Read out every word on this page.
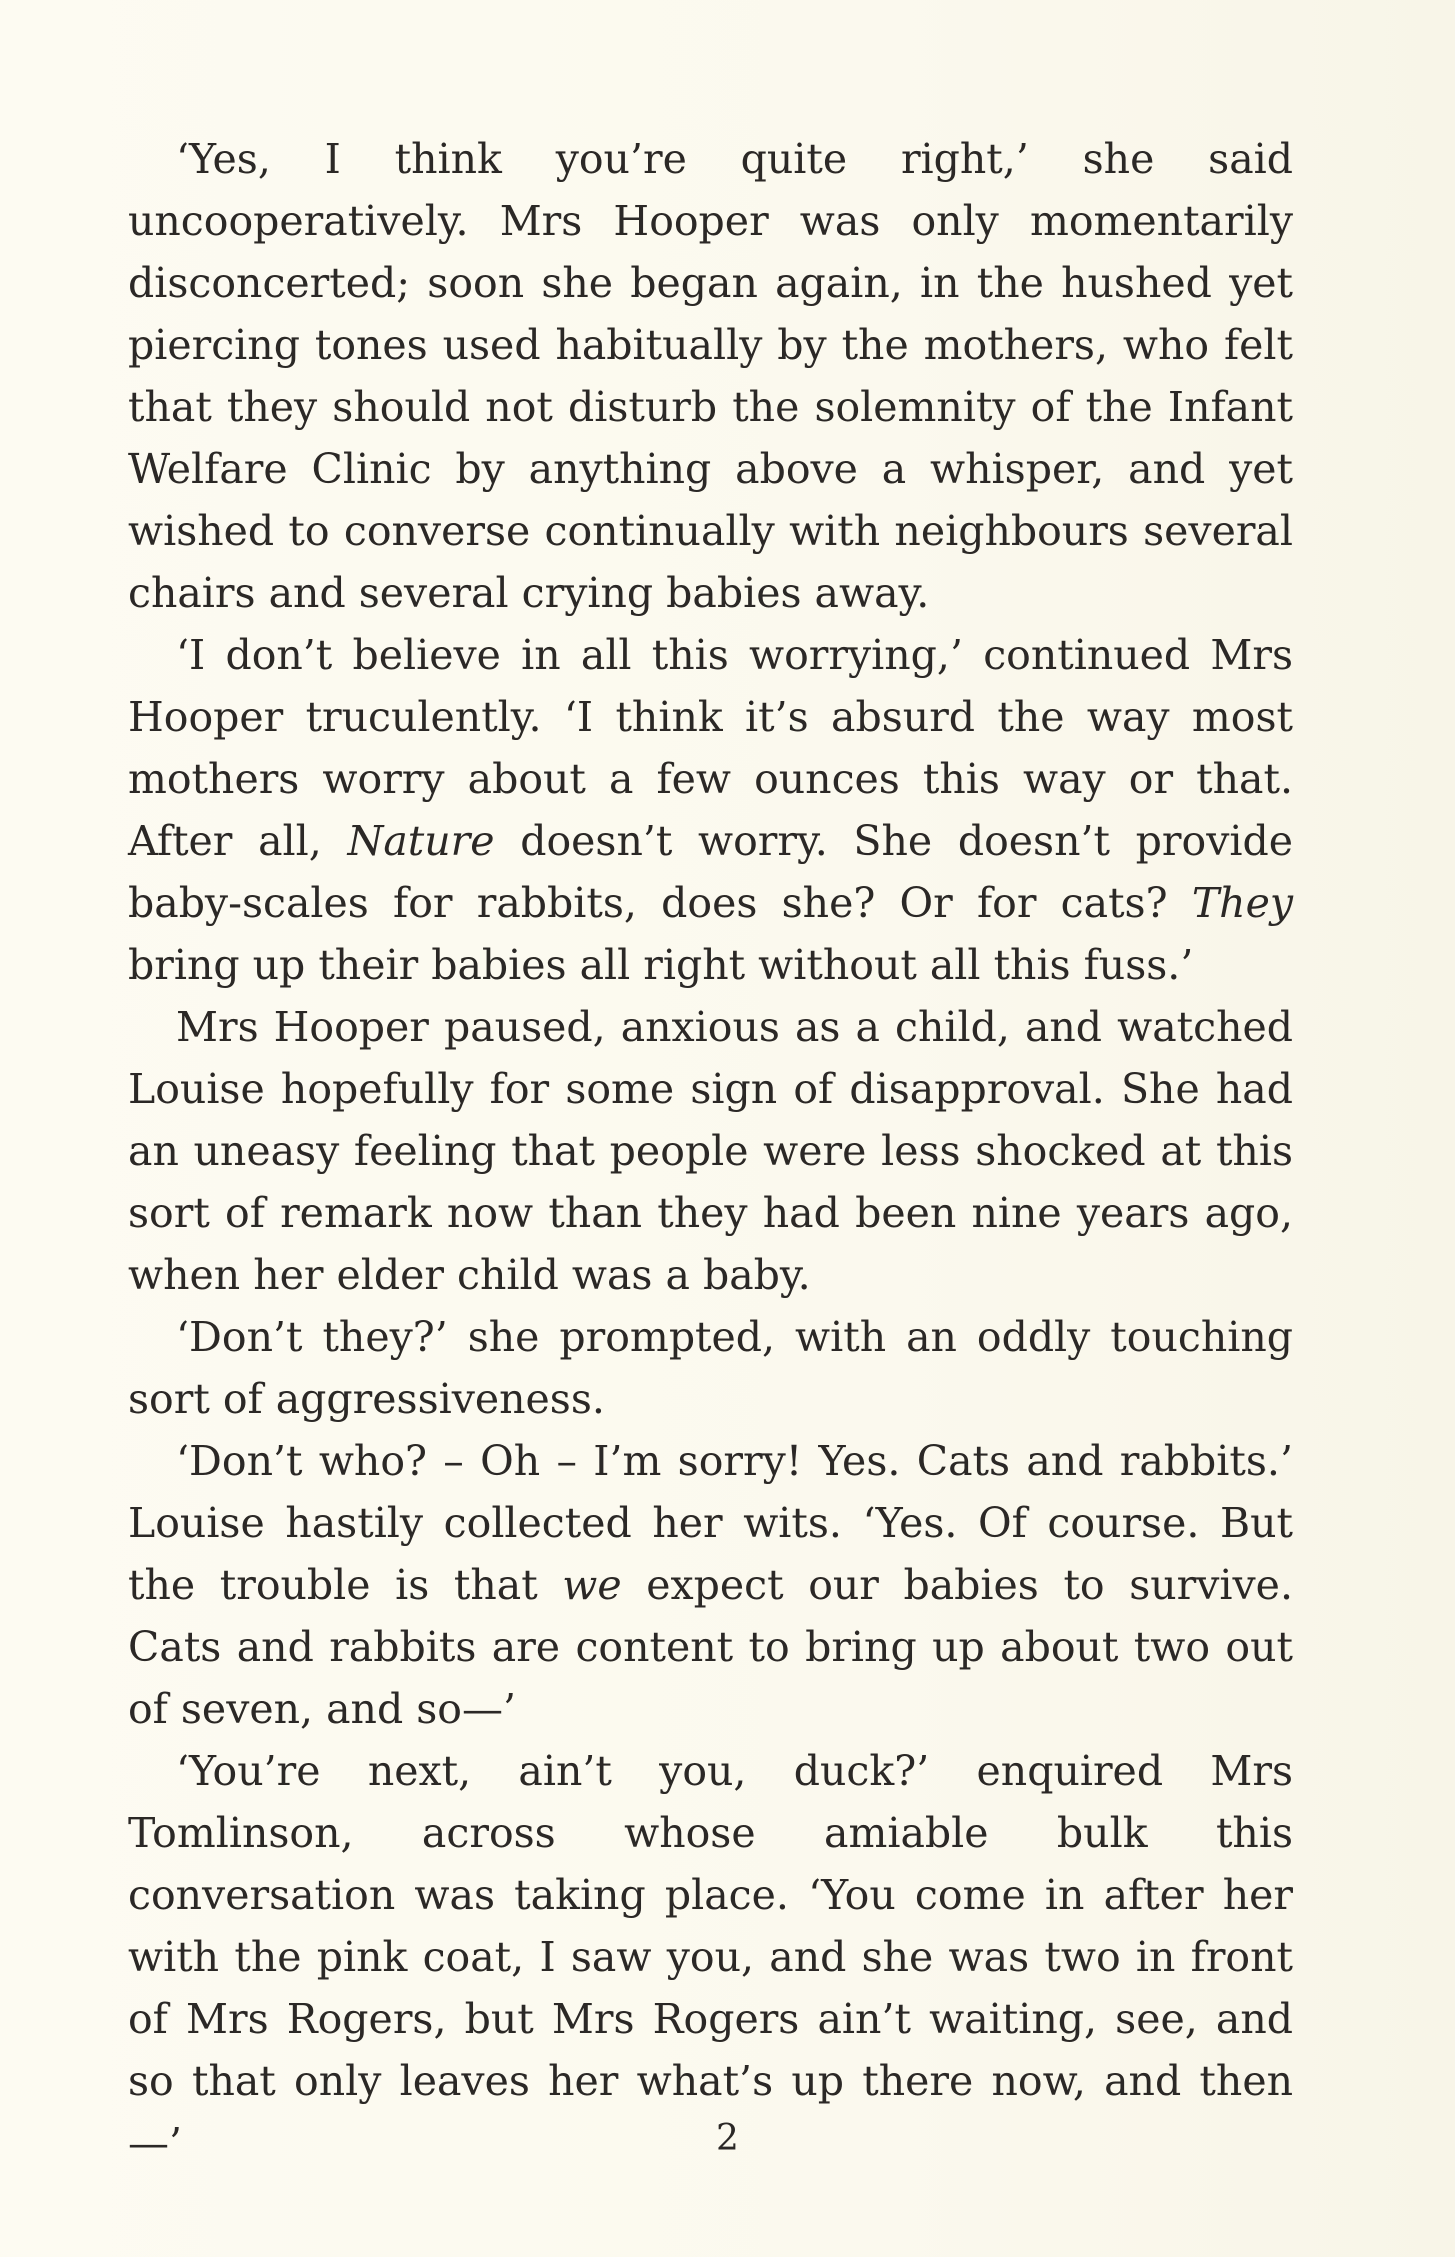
‘Yes, I think you’re quite right,’ she said uncooperatively. Mrs Hooper was only momentarily disconcerted; soon she began again, in the hushed yet piercing tones used habitually by the mothers, who felt that they should not disturb the solemnity of the Infant Welfare Clinic by anything above a whisper, and yet wished to converse continually with neighbours several chairs and several crying babies away.

‘I don’t believe in all this worrying,’ continued Mrs Hooper truculently. ‘I think it’s absurd the way most mothers worry about a few ounces this way or that. After all, Nature doesn’t worry. She doesn’t provide baby-scales for rabbits, does she? Or for cats? They bring up their babies all right without all this fuss.’

Mrs Hooper paused, anxious as a child, and watched Louise hopefully for some sign of disapproval. She had an uneasy feeling that people were less shocked at this sort of remark now than they had been nine years ago, when her elder child was a baby.

‘Don’t they?’ she prompted, with an oddly touching sort of aggressiveness.

‘Don’t who? – Oh – I’m sorry! Yes. Cats and rabbits.’ Louise hastily collected her wits. ‘Yes. Of course. But the trouble is that we expect our babies to survive. Cats and rabbits are content to bring up about two out of seven, and so—’

‘You’re next, ain’t you, duck?’ enquired Mrs Tomlinson, across whose amiable bulk this conversation was taking place. ‘You come in after her with the pink coat, I saw you, and she was two in front of Mrs Rogers, but Mrs Rogers ain’t waiting, see, and so that only leaves her what’s up there now, and then—’	2
